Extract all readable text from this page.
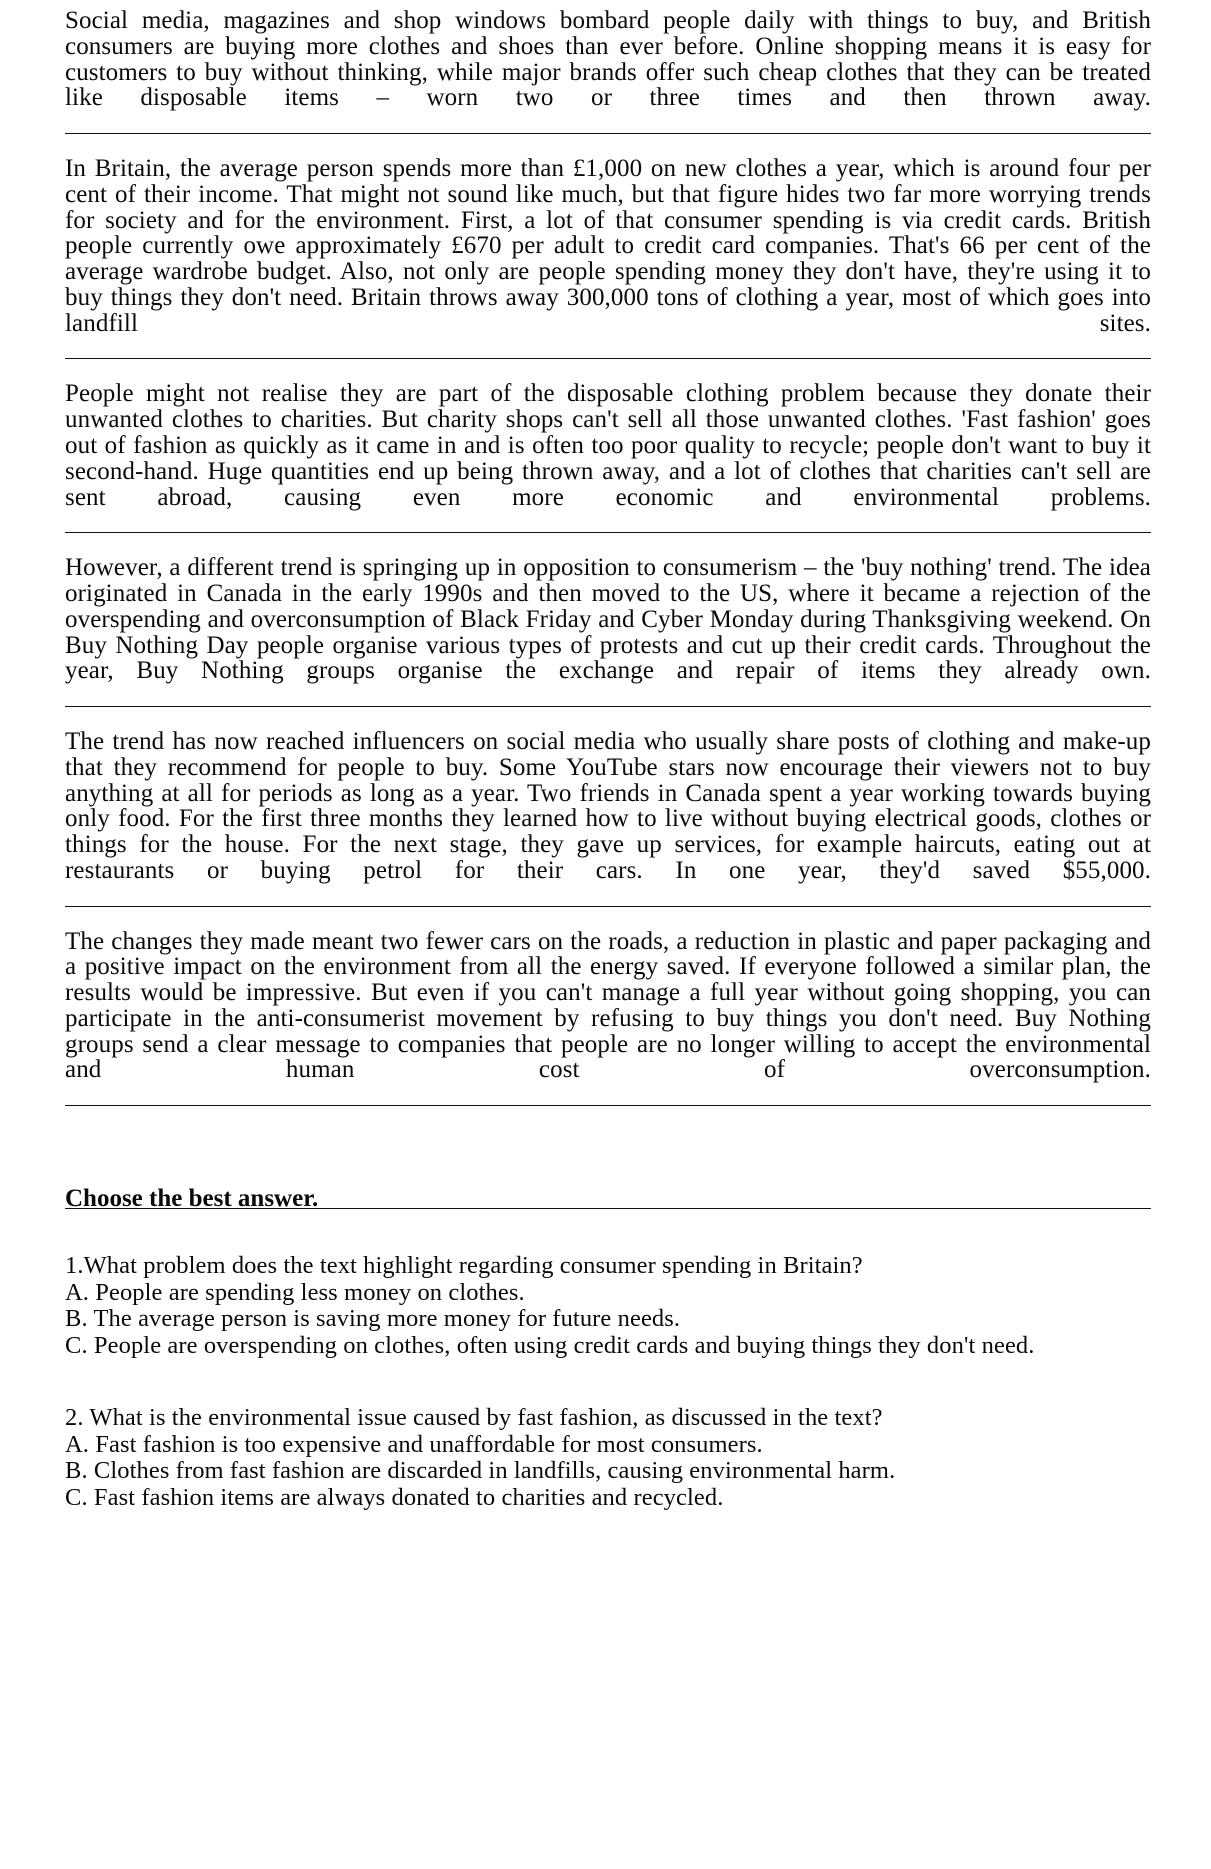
Social media, magazines and shop windows bombard people daily with things to buy, and British consumers are buying more clothes and shoes than ever before. Online shopping means it is easy for customers to buy without thinking, while major brands offer such cheap clothes that they can be treated like disposable items – worn two or three times and then thrown away.

In Britain, the average person spends more than £1,000 on new clothes a year, which is around four per cent of their income. That might not sound like much, but that figure hides two far more worrying trends for society and for the environment. First, a lot of that consumer spending is via credit cards. British people currently owe approximately £670 per adult to credit card companies. That's 66 per cent of the average wardrobe budget. Also, not only are people spending money they don't have, they're using it to buy things they don't need. Britain throws away 300,000 tons of clothing a year, most of which goes into landfill sites.

People might not realise they are part of the disposable clothing problem because they donate their unwanted clothes to charities. But charity shops can't sell all those unwanted clothes. 'Fast fashion' goes out of fashion as quickly as it came in and is often too poor quality to recycle; people don't want to buy it second-hand. Huge quantities end up being thrown away, and a lot of clothes that charities can't sell are sent abroad, causing even more economic and environmental problems.

However, a different trend is springing up in opposition to consumerism – the 'buy nothing' trend. The idea originated in Canada in the early 1990s and then moved to the US, where it became a rejection of the overspending and overconsumption of Black Friday and Cyber Monday during Thanksgiving weekend. On Buy Nothing Day people organise various types of protests and cut up their credit cards. Throughout the year, Buy Nothing groups organise the exchange and repair of items they already own.

The trend has now reached influencers on social media who usually share posts of clothing and make-up that they recommend for people to buy. Some YouTube stars now encourage their viewers not to buy anything at all for periods as long as a year. Two friends in Canada spent a year working towards buying only food. For the first three months they learned how to live without buying electrical goods, clothes or things for the house. For the next stage, they gave up services, for example haircuts, eating out at restaurants or buying petrol for their cars. In one year, they'd saved $55,000.

The changes they made meant two fewer cars on the roads, a reduction in plastic and paper packaging and a positive impact on the environment from all the energy saved. If everyone followed a similar plan, the results would be impressive. But even if you can't manage a full year without going shopping, you can participate in the anti-consumerist movement by refusing to buy things you don't need. Buy Nothing groups send a clear message to companies that people are no longer willing to accept the environmental and human cost of overconsumption.

Choose the best answer.

1.What problem does the text highlight regarding consumer spending in Britain?

A. People are spending less money on clothes.

B. The average person is saving more money for future needs.

C. People are overspending on clothes, often using credit cards and buying things they don't need.

2. What is the environmental issue caused by fast fashion, as discussed in the text?

A. Fast fashion is too expensive and unaffordable for most consumers.

B. Clothes from fast fashion are discarded in landfills, causing environmental harm.

C. Fast fashion items are always donated to charities and recycled.
